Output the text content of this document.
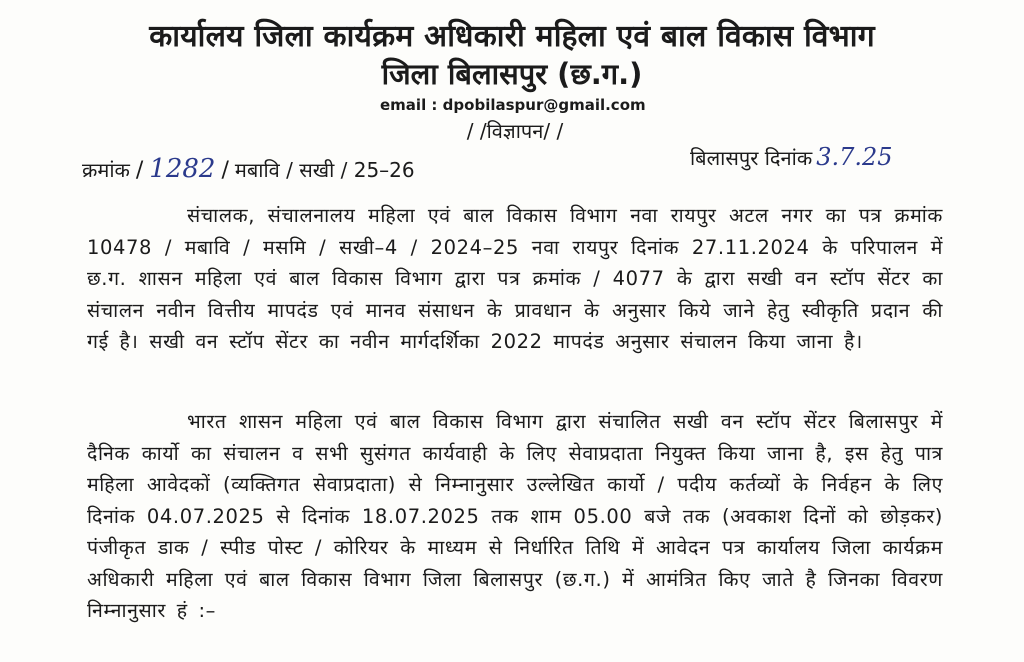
कार्यालय जिला कार्यक्रम अधिकारी महिला एवं बाल विकास विभाग
जिला बिलासपुर (छ.ग.)
email : dpobilaspur@gmail.com
/ /विज्ञापन/ /
क्रमांक / 1282 / मबावि / सखी / 25–26	बिलासपुर दिनांक 3.7.25
संचालक, संचालनालय महिला एवं बाल विकास विभाग नवा रायपुर अटल नगर का पत्र क्रमांक 10478 / मबावि / मसमि / सखी–4 / 2024–25 नवा रायपुर दिनांक 27.11.2024 के परिपालन में छ.ग. शासन महिला एवं बाल विकास विभाग द्वारा पत्र क्रमांक / 4077 के द्वारा सखी वन स्टॉप सेंटर का संचालन नवीन वित्तीय मापदंड एवं मानव संसाधन के प्रावधान के अनुसार किये जाने हेतु स्वीकृति प्रदान की गई है। सखी वन स्टॉप सेंटर का नवीन मार्गदर्शिका 2022 मापदंड अनुसार संचालन किया जाना है।
भारत शासन महिला एवं बाल विकास विभाग द्वारा संचालित सखी वन स्टॉप सेंटर बिलासपुर में दैनिक कार्यो का संचालन व सभी सुसंगत कार्यवाही के लिए सेवाप्रदाता नियुक्त किया जाना है, इस हेतु पात्र महिला आवेदकों (व्यक्तिगत सेवाप्रदाता) से निम्नानुसार उल्लेखित कार्यो / पदीय कर्तव्यों के निर्वहन के लिए दिनांक 04.07.2025 से दिनांक 18.07.2025 तक शाम 05.00 बजे तक (अवकाश दिनों को छोड़कर) पंजीकृत डाक / स्पीड पोस्ट / कोरियर के माध्यम से निर्धारित तिथि में आवेदन पत्र कार्यालय जिला कार्यक्रम अधिकारी महिला एवं बाल विकास विभाग जिला बिलासपुर (छ.ग.) में आमंत्रित किए जाते है जिनका विवरण निम्नानुसार हं :–
